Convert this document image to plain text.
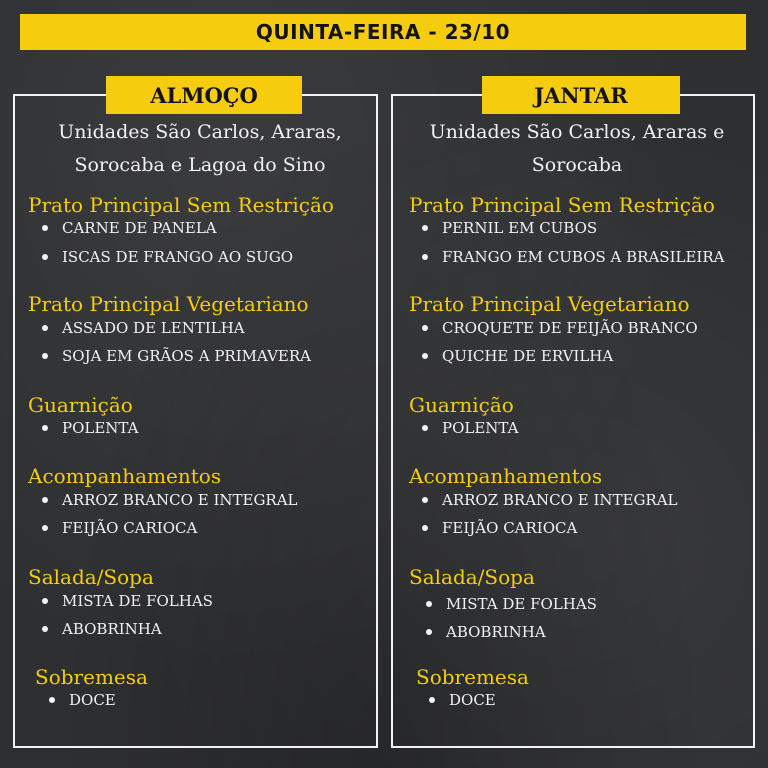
QUINTA-FEIRA - 23/10
ALMOÇO	JANTAR
Unidades São Carlos, Araras,
Sorocaba e Lagoa do Sino
Unidades São Carlos, Araras e
Sorocaba
Prato Principal Sem Restrição
CARNE DE PANELA
ISCAS DE FRANGO AO SUGO
Prato Principal Vegetariano
ASSADO DE LENTILHA
SOJA EM GRÃOS A PRIMAVERA
Guarnição
POLENTA
Acompanhamentos
ARROZ BRANCO E INTEGRAL
FEIJÃO CARIOCA
Salada/Sopa
MISTA DE FOLHAS
ABOBRINHA
Sobremesa
DOCE
Prato Principal Sem Restrição
PERNIL EM CUBOS
FRANGO EM CUBOS A BRASILEIRA
Prato Principal Vegetariano
CROQUETE DE FEIJÃO BRANCO
QUICHE DE ERVILHA
Guarnição
POLENTA
Acompanhamentos
ARROZ BRANCO E INTEGRAL
FEIJÃO CARIOCA
Salada/Sopa
MISTA DE FOLHAS
ABOBRINHA
Sobremesa
DOCE
